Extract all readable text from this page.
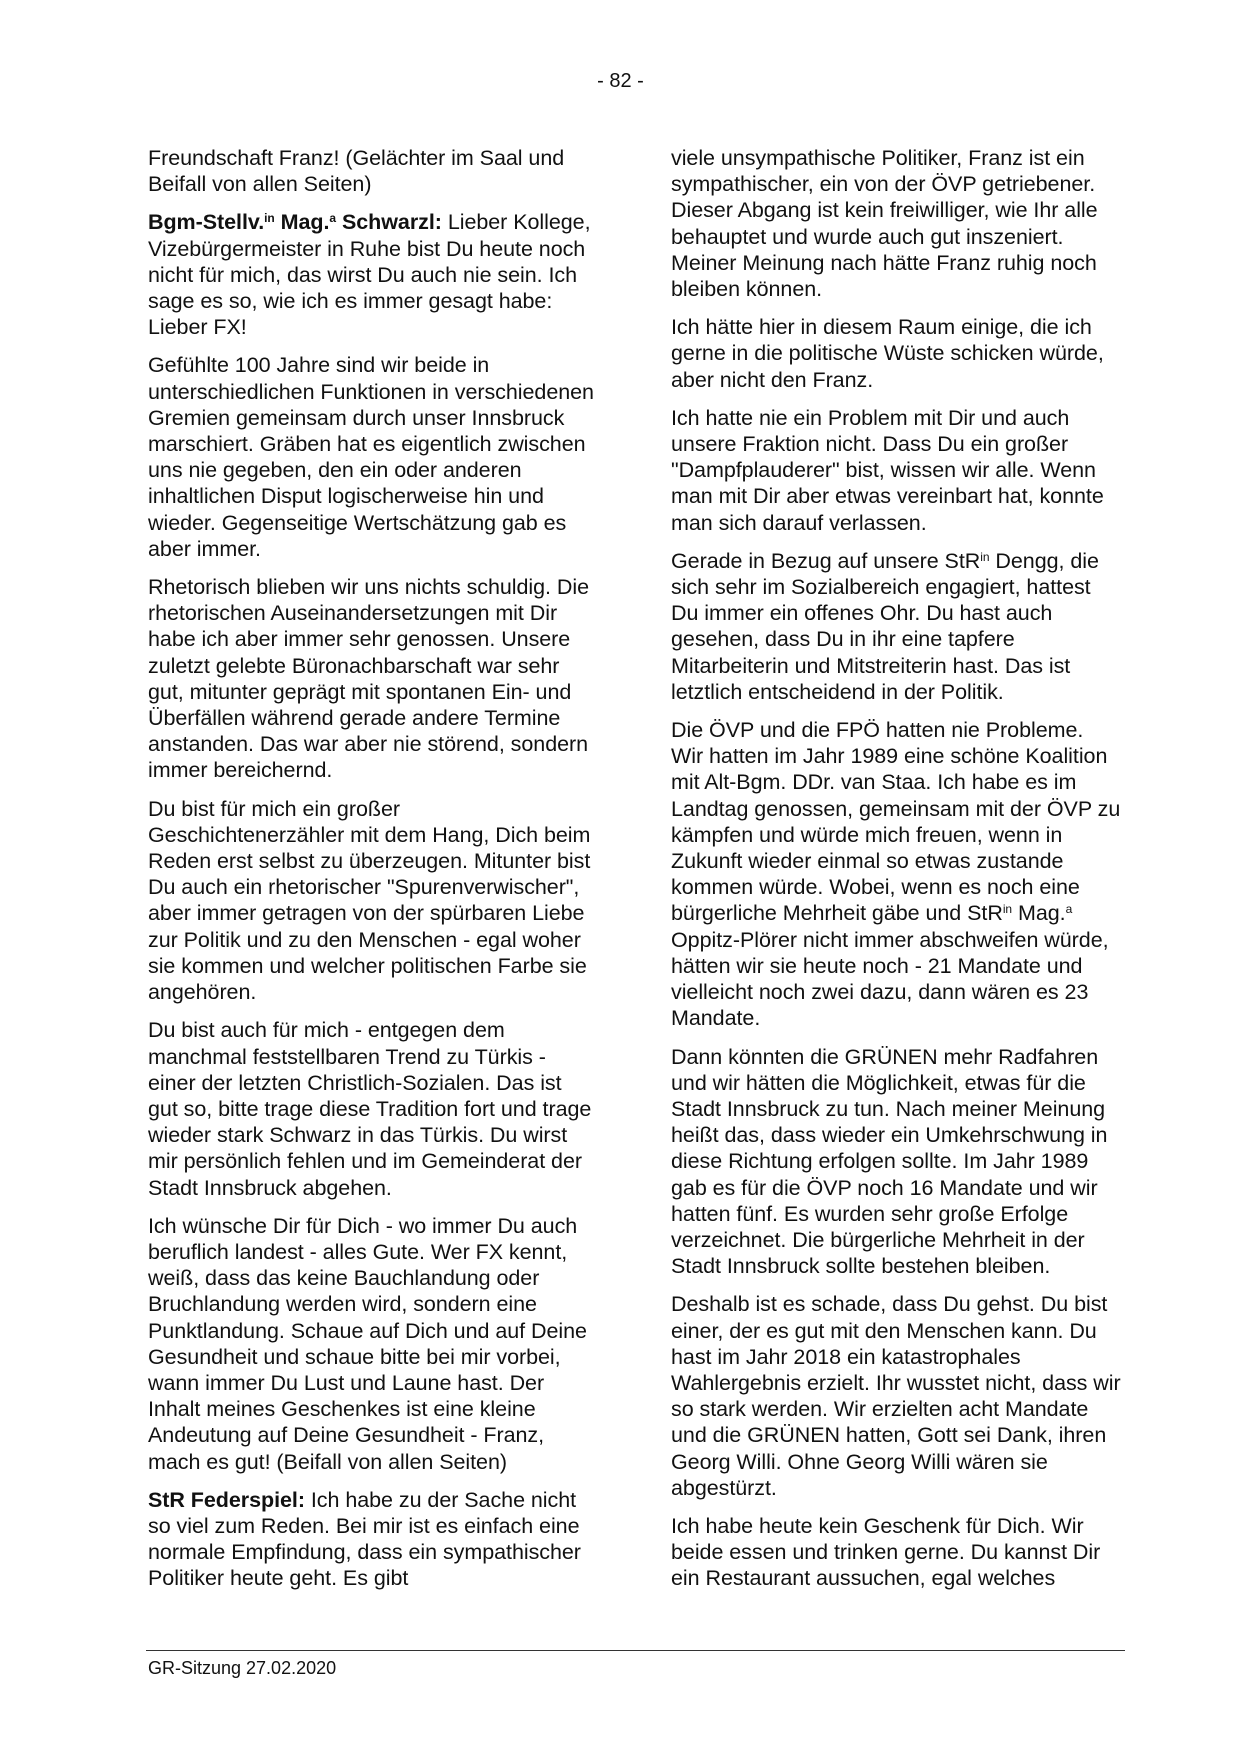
- 82 -

Freundschaft Franz! (Gelächter im Saal und Beifall von allen Seiten)

Bgm-Stellv.$^{in}$ Mag.$^a$ Schwarzl: Lieber Kollege, Vizebürgermeister in Ruhe bist Du heute noch nicht für mich, das wirst Du auch nie sein. Ich sage es so, wie ich es immer gesagt habe: Lieber FX!

Gefühlte 100 Jahre sind wir beide in unterschiedlichen Funktionen in verschiedenen Gremien gemeinsam durch unser Innsbruck marschiert. Gräben hat es eigentlich zwischen uns nie gegeben, den ein oder anderen inhaltlichen Disput logischerweise hin und wieder. Gegenseitige Wertschätzung gab es aber immer.

Rhetorisch blieben wir uns nichts schuldig. Die rhetorischen Auseinandersetzungen mit Dir habe ich aber immer sehr genossen. Unsere zuletzt gelebte Büronachbarschaft war sehr gut, mitunter geprägt mit spontanen Ein- und Überfällen während gerade andere Termine anstanden. Das war aber nie störend, sondern immer bereichernd.

Du bist für mich ein großer Geschichtenerzähler mit dem Hang, Dich beim Reden erst selbst zu überzeugen. Mitunter bist Du auch ein rhetorischer "Spurenverwischer", aber immer getragen von der spürbaren Liebe zur Politik und zu den Menschen - egal woher sie kommen und welcher politischen Farbe sie angehören.

Du bist auch für mich - entgegen dem manchmal feststellbaren Trend zu Türkis - einer der letzten Christlich-Sozialen. Das ist gut so, bitte trage diese Tradition fort und trage wieder stark Schwarz in das Türkis. Du wirst mir persönlich fehlen und im Gemeinderat der Stadt Innsbruck abgehen.

Ich wünsche Dir für Dich - wo immer Du auch beruflich landest - alles Gute. Wer FX kennt, weiß, dass das keine Bauchlandung oder Bruchlandung werden wird, sondern eine Punktlandung. Schaue auf Dich und auf Deine Gesundheit und schaue bitte bei mir vorbei, wann immer Du Lust und Laune hast. Der Inhalt meines Geschenkes ist eine kleine Andeutung auf Deine Gesundheit - Franz, mach es gut! (Beifall von allen Seiten)

StR Federspiel: Ich habe zu der Sache nicht so viel zum Reden. Bei mir ist es einfach eine normale Empfindung, dass ein sympathischer Politiker heute geht. Es gibt

viele unsympathische Politiker, Franz ist ein sympathischer, ein von der ÖVP getriebener. Dieser Abgang ist kein freiwilliger, wie Ihr alle behauptet und wurde auch gut inszeniert. Meiner Meinung nach hätte Franz ruhig noch bleiben können.

Ich hätte hier in diesem Raum einige, die ich gerne in die politische Wüste schicken würde, aber nicht den Franz.

Ich hatte nie ein Problem mit Dir und auch unsere Fraktion nicht. Dass Du ein großer "Dampfplauderer" bist, wissen wir alle. Wenn man mit Dir aber etwas vereinbart hat, konnte man sich darauf verlassen.

Gerade in Bezug auf unsere StR$^{in}$ Dengg, die sich sehr im Sozialbereich engagiert, hattest Du immer ein offenes Ohr. Du hast auch gesehen, dass Du in ihr eine tapfere Mitarbeiterin und Mitstreiterin hast. Das ist letztlich entscheidend in der Politik.

Die ÖVP und die FPÖ hatten nie Probleme. Wir hatten im Jahr 1989 eine schöne Koalition mit Alt-Bgm. DDr. van Staa. Ich habe es im Landtag genossen, gemeinsam mit der ÖVP zu kämpfen und würde mich freuen, wenn in Zukunft wieder einmal so etwas zustande kommen würde. Wobei, wenn es noch eine bürgerliche Mehrheit gäbe und StR$^{in}$ Mag.$^a$ Oppitz-Plörer nicht immer abschweifen würde, hätten wir sie heute noch - 21 Mandate und vielleicht noch zwei dazu, dann wären es 23 Mandate.

Dann könnten die GRÜNEN mehr Radfahren und wir hätten die Möglichkeit, etwas für die Stadt Innsbruck zu tun. Nach meiner Meinung heißt das, dass wieder ein Umkehrschwung in diese Richtung erfolgen sollte. Im Jahr 1989 gab es für die ÖVP noch 16 Mandate und wir hatten fünf. Es wurden sehr große Erfolge verzeichnet. Die bürgerliche Mehrheit in der Stadt Innsbruck sollte bestehen bleiben.

Deshalb ist es schade, dass Du gehst. Du bist einer, der es gut mit den Menschen kann. Du hast im Jahr 2018 ein katastrophales Wahlergebnis erzielt. Ihr wusstet nicht, dass wir so stark werden. Wir erzielten acht Mandate und die GRÜNEN hatten, Gott sei Dank, ihren Georg Willi. Ohne Georg Willi wären sie abgestürzt.

Ich habe heute kein Geschenk für Dich. Wir beide essen und trinken gerne. Du kannst Dir ein Restaurant aussuchen, egal welches

GR-Sitzung 27.02.2020
